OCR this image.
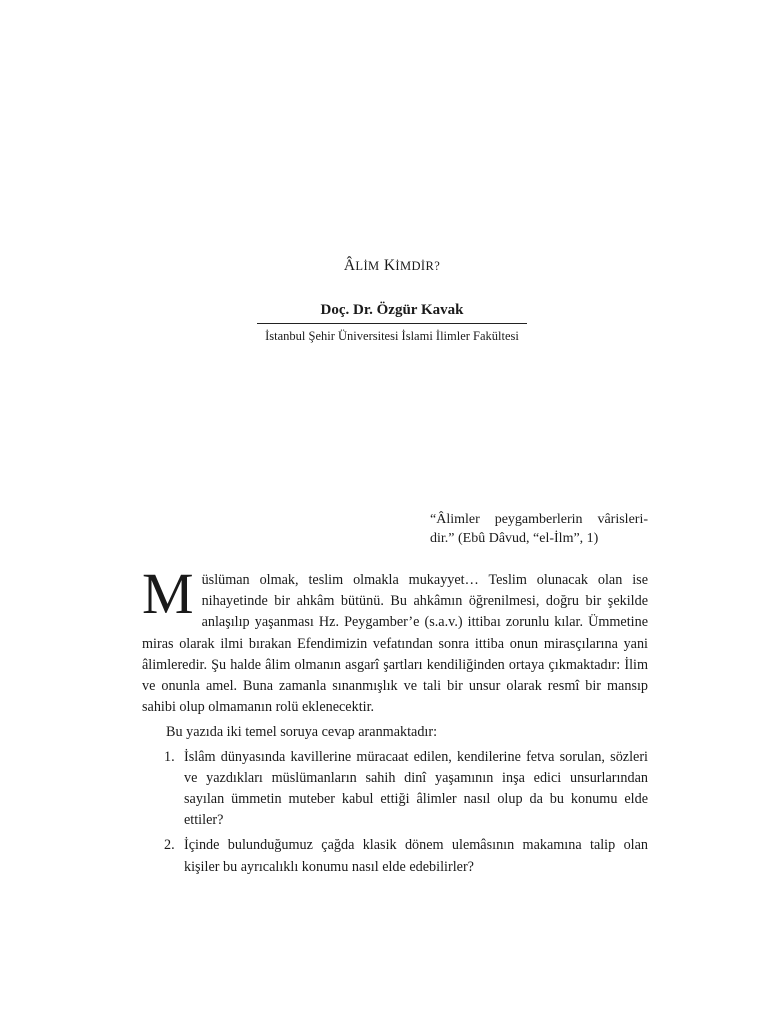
ÂLİM KİMDİR?
Doç. Dr. Özgür Kavak
İstanbul Şehir Üniversitesi İslami İlimler Fakültesi
“Âlimler peygamberlerin vârisleri-dir.” (Ebû Dâvud, “el-İlm”, 1)

Müslüman olmak, teslim olmakla mukayyet… Teslim olunacak olan ise nihayetinde bir ahkâm bütünü. Bu ahkâmın öğrenilmesi, doğru bir şekilde anlaşılıp yaşanması Hz. Peygamber’e (s.a.v.) ittibaı zorunlu kılar. Ümmetine miras olarak ilmi bırakan Efendimizin vefatından sonra ittiba onun mirasçılarına yani âlimleredir. Şu halde âlim olmanın asgarî şartları kendiliğinden ortaya çıkmaktadır: İlim ve onunla amel. Buna zamanla sınanmışlık ve tali bir unsur olarak resmî bir mansıp sahibi olup olmamanın rolü eklenecektir.

Bu yazıda iki temel soruya cevap aranmaktadır:

1. İslâm dünyasında kavillerine müracaat edilen, kendilerine fetva sorulan, sözleri ve yazdıkları müslümanların sahih dinî yaşamının inşa edici unsurlarından sayılan ümmetin muteber kabul ettiği âlimler nasıl olup da bu konumu elde ettiler?
2. İçinde bulunduğumuz çağda klasik dönem ulemâsının makamına talip olan kişiler bu ayrıcalıklı konumu nasıl elde edebilirler?
